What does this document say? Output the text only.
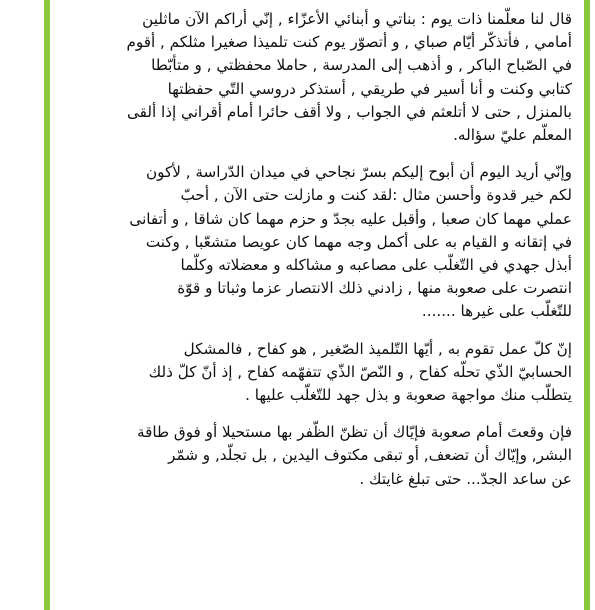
قال لنا معلّمنا ذات يوم : بناتي و أبنائي الأعزّاء , إنّي أراكم الآن ماثلين
أمامي , فأتذكّر أيّام صباي , و أتصوّر يوم كنت تلميذا صغيرا مثلكم , أقوم
في الصّباح الباكر , و أذهب إلى المدرسة , حاملا محفظتي , و متأبّطا
كتابي وكنت و أنا أسير في طريقي , أستذكر دروسي التّي حفظتها
بالمنزل , حتى لا أتلعثم في الجواب , ولا أقف حائرا أمام أقراني إذا ألقى
المعلّم عليّ سؤاله.

وإنّي أريد اليوم أن أبوح إليكم بسرّ نجاحي في ميدان الدّراسة , لأكون
لكم خير قدوة وأحسن مثال :لقد كنت و مازلت حتى الآن , أحبّ
عملي مهما كان صعبا , وأقبل عليه بجدّ و حزم مهما كان شاقا , و أتفانى
في إتقانه و القيام به على أكمل وجه مهما كان عويصا متشعّبا , وكنت
أبذل جهدي في التّغلّب على مصاعبه و مشاكله و معضلاته وكلّما
انتصرت على صعوبة منها , زادني ذلك الانتصار عزما وثباتا و قوّة
للتّغلّب على غيرها .......

إنّ كلّ عمل تقوم به , أيّها التّلميذ الصّغير , هو كفاح , فالمشكل
الحسابيّ الذّي تحلّه كفاح , و النّصّ الذّي تتفهّمه كفاح , إذ أنّ كلّ ذلك
يتطلّب منك مواجهة صعوبة و بذل جهد للتّغلّب عليها .

فإن وقعتَ أمام صعوبة فإيّاك أن تظنّ الظّفر بها مستحيلا أو فوق طاقة
البشر, وإيّاك أن تضعف, أو تبقى مكتوف اليدين , بل تجلّد, و شمّر
عن ساعد الجدّ... حتى تبلغ غايتك .
